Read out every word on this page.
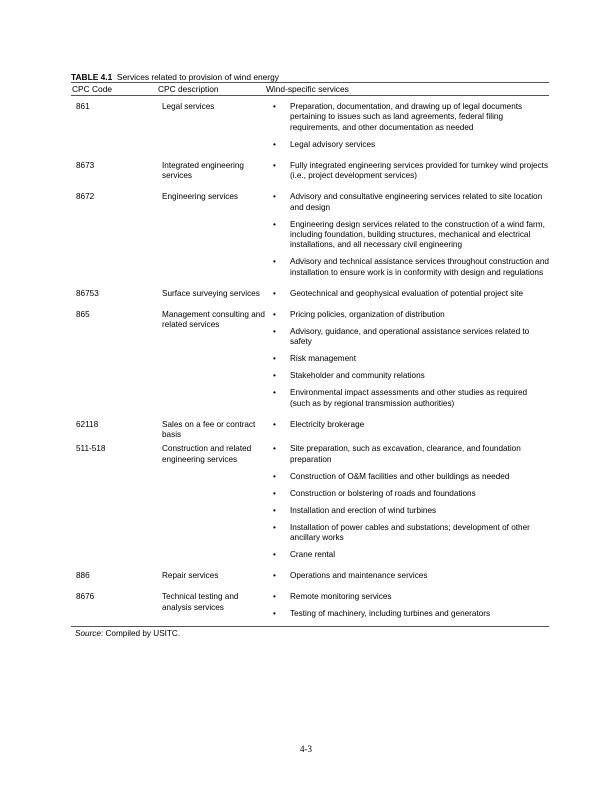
TABLE 4.1 Services related to provision of wind energy
CPC Code	CPC description	Wind-specific services
861	Legal services	
•Preparation, documentation, and drawing up of legal documents pertaining to issues such as land agreements, federal filing requirements, and other documentation as needed
• Legal advisory services

8673	Integrated engineering services	
• Fully integrated engineering services provided for turnkey wind projects (i.e., project development services)

8672	Engineering services	
•Advisory and consultative engineering services related to site location and design
• Engineering design services related to the construction of a wind farm, including foundation, building structures, mechanical and electrical installations, and all necessary civil engineering
• Advisory and technical assistance services throughout construction and installation to ensure work is in conformity with design and regulations

86753	Surface surveying services	
•Geotechnical and geophysical evaluation of potential project site

865	Management consulting and related services	
• Pricing policies, organization of distribution
• Advisory, guidance, and operational assistance services related to safety
• Risk management
• Stakeholder and community relations
• Environmental impact assessments and other studies as required (such as by regional transmission authorities)

62118	Sales on a fee or contract basis	
• Electricity brokerage

511-518	Construction and related engineering services	
• Site preparation, such as excavation, clearance, and foundation preparation
• Construction of O&M facilities and other buildings as needed
• Construction or bolstering of roads and foundations
• Installation and erection of wind turbines
• Installation of power cables and substations; development of other ancillary works
• Crane rental

886	Repair services	
•Operations and maintenance services

8676	Technical testing and analysis services	
• Remote monitoring services
• Testing of machinery, including turbines and generators
Source: Compiled by USITC.
4-3
